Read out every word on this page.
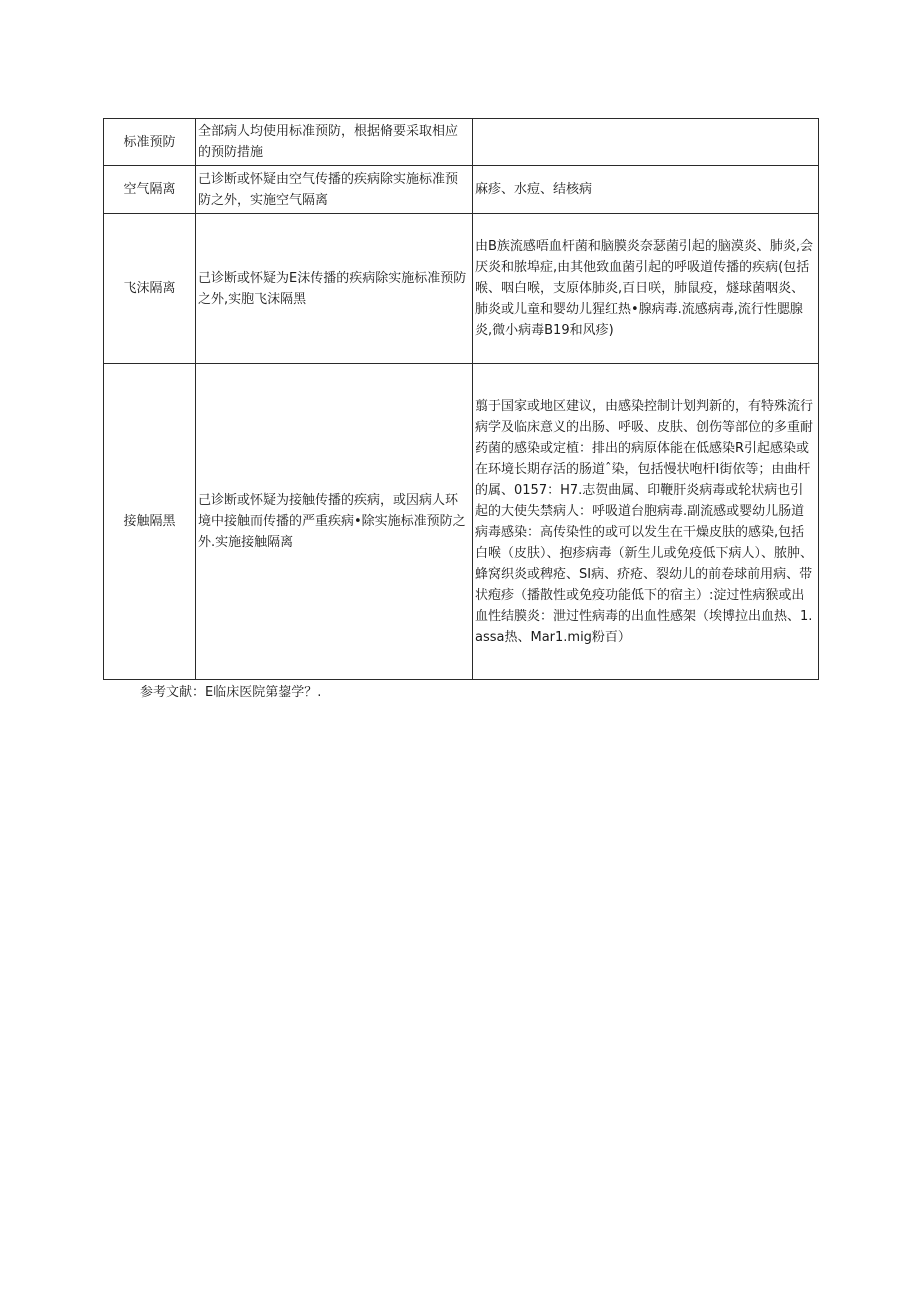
标准预防	全部病人均使用标准预防，根据脩要采取相应的预防措施	
空气隔离	己诊断或怀疑由空气传播的疾病除实施标准预防之外，实施空气隔离	麻疹、水痘、结核病
飞沫隔离	己诊断或怀疑为E沫传播的疾病除实施标准预防之外,实胞飞沫隔黑	由B族流感唔血杆菌和脑膜炎奈瑟菌引起的脑漠炎、肺炎,会厌炎和脓埠症,由其他致血菌引起的呼吸道传播的疾病(包括喉、咽白喉，支原体肺炎,百日咲，肺鼠疫，燧球菌咽炎、肺炎或儿童和婴幼儿猩红热•腺病毒.流感病毒,流行性腮腺炎,微小病毒B19和风疹)
接触隔黑	己诊断或怀疑为接触传播的疾病，或因病人环境中接触而传播的严重疾病•除实施标准预防之外.实施接触隔离	翦于国家或地区建议，由感染控制计划判新的，有特殊流行病学及临床意义的出肠、呼吸、皮肤、创伤等部位的多重耐药菌的感染或定植：排出的病原体能在低感染R引起感染或在环境长期存活的肠道ˆ染，包括慢状咆杆I街依等；由曲杆的属、0157：H7.志贺曲属、印鞭肝炎病毒或轮状病也引起的大使失禁病人：呼吸道台胞病毒.副流感或婴幼儿肠道病毒感染：高传染性的或可以发生在干燥皮肤的感染,包括白喉（皮肤）、抱疹病毒（新生儿或免疫低下病人）、脓肿、蜂窝织炎或稗疮、SI病、疥疮、裂幼儿的前卷球前用病、带状疱疹（播散性或免疫功能低下的宿主）:淀过性病猴或出血性结膜炎：泄过性病毒的出血性感架（埃博拉出血热、1.assa热、Mar1.mig粉百）
参考文献：E临床医院第鋆学？.
